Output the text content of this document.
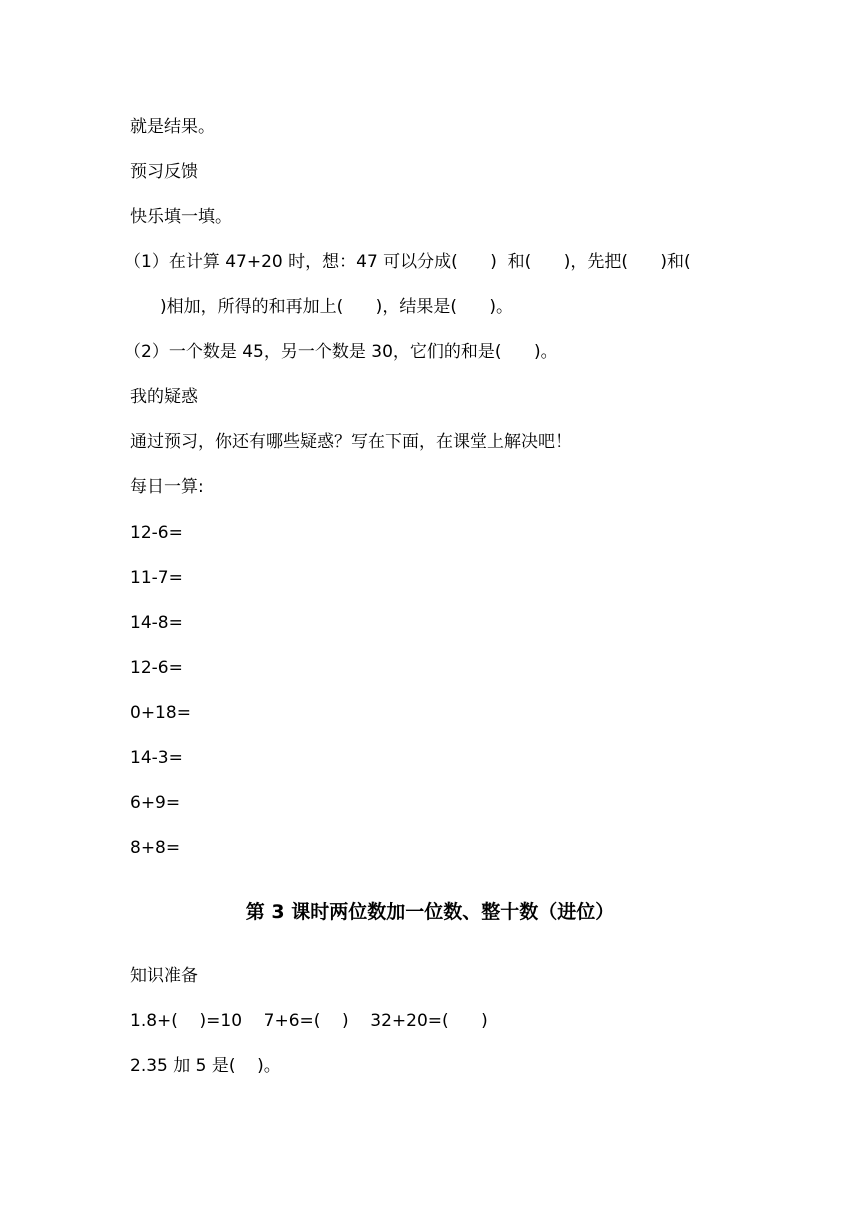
就是结果。

预习反馈

快乐填一填。

（1）在计算 47+20 时，想：47 可以分成(      )  和(      )，先把(      )和(

)相加，所得的和再加上(      )，结果是(      )。

（2）一个数是 45，另一个数是 30，它们的和是(      )。

我的疑惑

通过预习，你还有哪些疑惑？写在下面，在课堂上解决吧！

每日一算:

12-6=

11-7=

14-8=

12-6=

0+18=

14-3=

6+9=

8+8=

第 3 课时两位数加一位数、整十数（进位）

知识准备

1.8+(    )=10    7+6=(    )    32+20=(      )

2.35 加 5 是(    )。
